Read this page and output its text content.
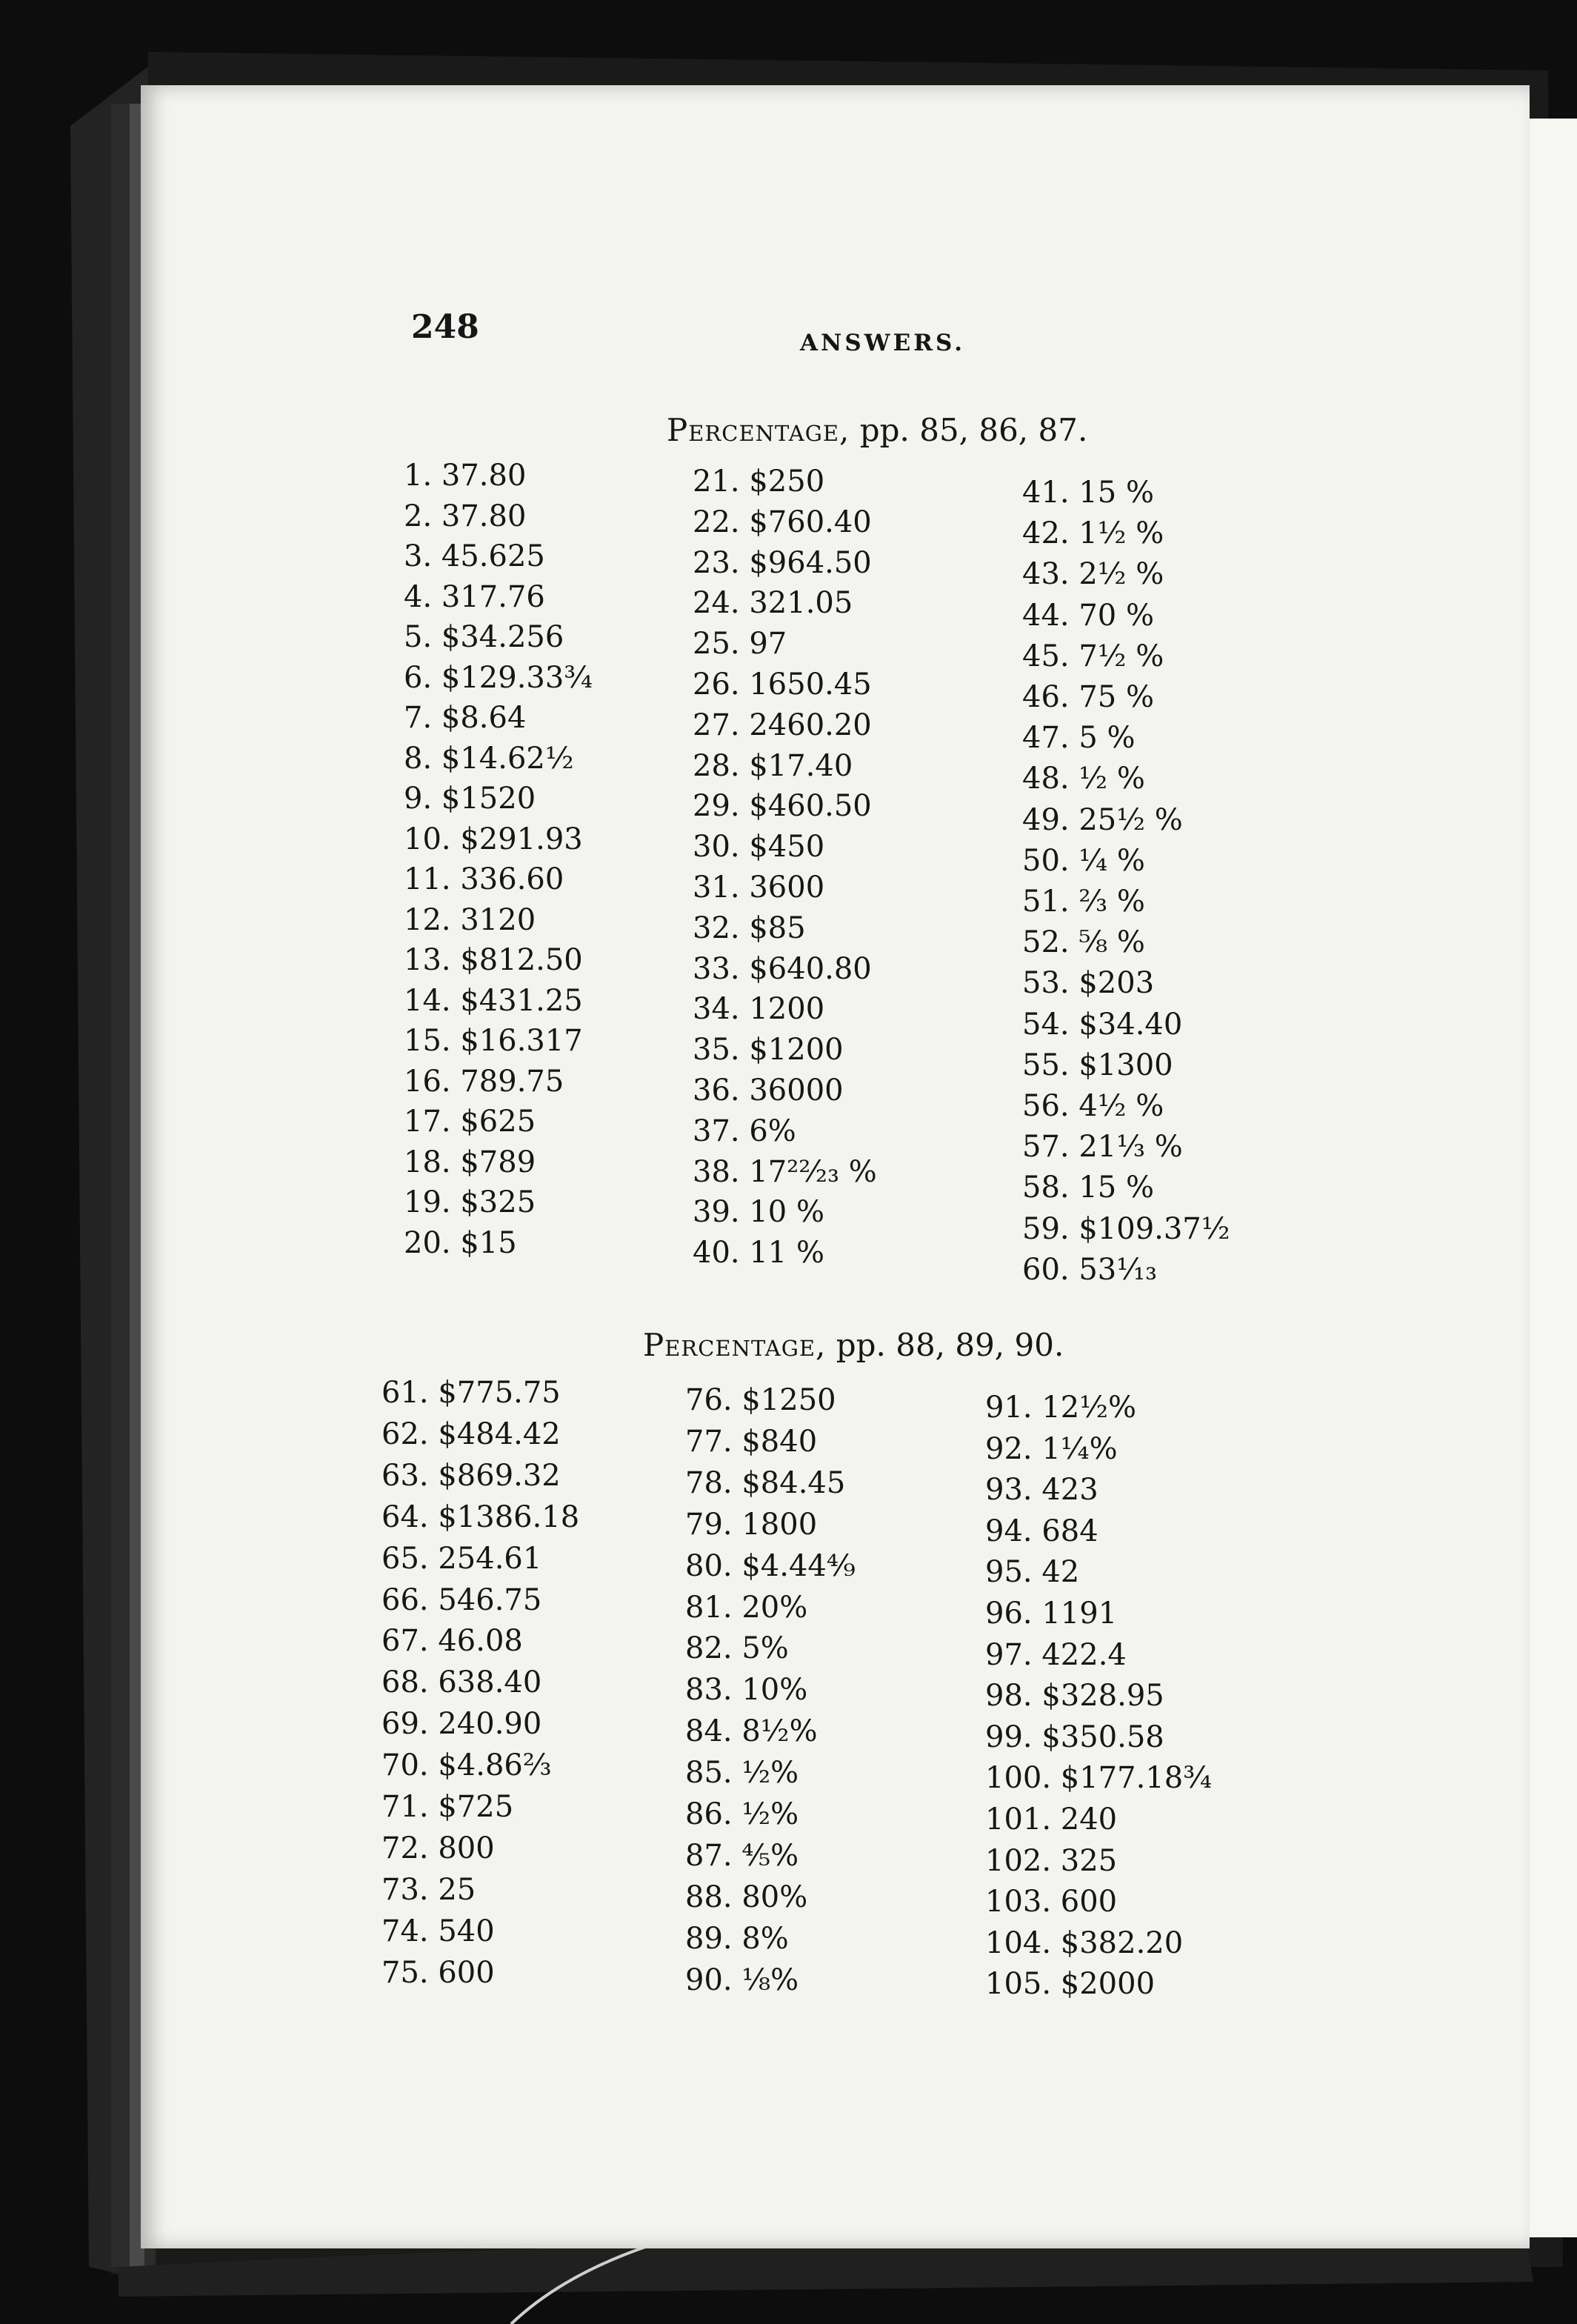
248	ANSWERS.
Percentage, pp. 85, 86, 87.
1. 37.80
2. 37.80
3. 45.625
4. 317.76
5. $34.256
6. $129.33¾
7. $8.64
8. $14.62½
9. $1520
10. $291.93
11. 336.60
12. 3120
13. $812.50
14. $431.25
15. $16.317
16. 789.75
17. $625
18. $789
19. $325
20. $15
21. $250
22. $760.40
23. $964.50
24. 321.05
25. 97
26. 1650.45
27. 2460.20
28. $17.40
29. $460.50
30. $450
31. 3600
32. $85
33. $640.80
34. 1200
35. $1200
36. 36000
37. 6%
38. 17²²⁄₂₃ %
39. 10 %
40. 11 %
41. 15 %
42. 1½ %
43. 2½ %
44. 70 %
45. 7½ %
46. 75 %
47. 5 %
48. ½ %
49. 25½ %
50. ¼ %
51. ⅔ %
52. ⅝ %
53. $203
54. $34.40
55. $1300
56. 4½ %
57. 21⅓ %
58. 15 %
59. $109.37½
60. 53¹⁄₁₃
Percentage, pp. 88, 89, 90.
61. $775.75
62. $484.42
63. $869.32
64. $1386.18
65. 254.61
66. 546.75
67. 46.08
68. 638.40
69. 240.90
70. $4.86⅔
71. $725
72. 800
73. 25
74. 540
75. 600
76. $1250
77. $840
78. $84.45
79. 1800
80. $4.44⁴⁄₉
81. 20%
82. 5%
83. 10%
84. 8½%
85. ½%
86. ½%
87. ⅘%
88. 80%
89. 8%
90. ⅛%
91. 12½%
92. 1¼%
93. 423
94. 684
95. 42
96. 1191
97. 422.4
98. $328.95
99. $350.58
100. $177.18¾
101. 240
102. 325
103. 600
104. $382.20
105. $2000
